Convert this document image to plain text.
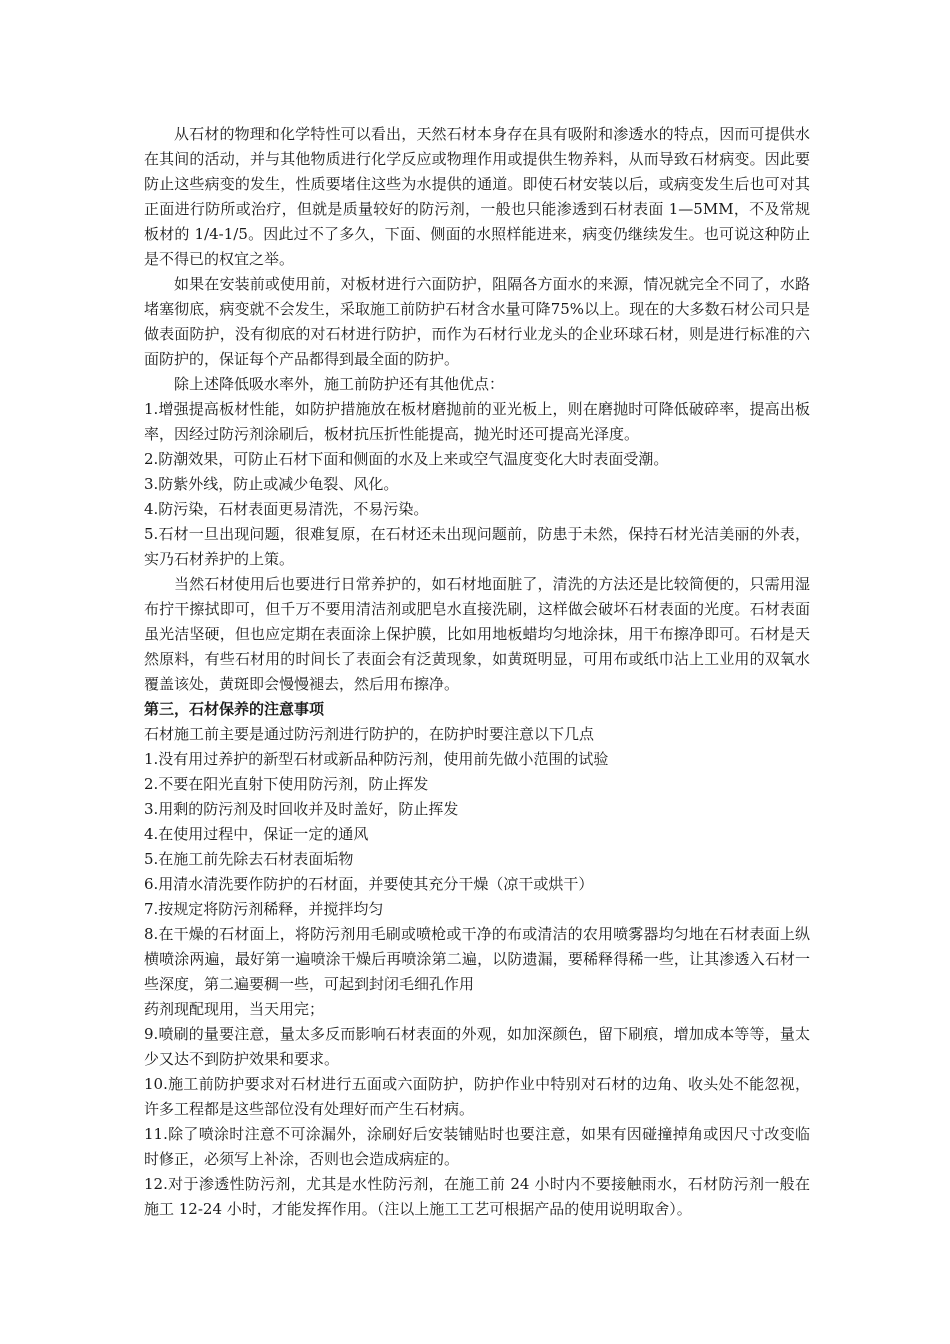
从石材的物理和化学特性可以看出，天然石材本身存在具有吸附和渗透水的特点，因而可提供水在其间的活动，并与其他物质进行化学反应或物理作用或提供生物养料，从而导致石材病变。因此要防止这些病变的发生，性质要堵住这些为水提供的通道。即使石材安装以后，或病变发生后也可对其正面进行防所或治疗，但就是质量较好的防污剂，一般也只能渗透到石材表面 1—5MM，不及常规板材的 1/4-1/5。因此过不了多久，下面、侧面的水照样能进来，病变仍继续发生。也可说这种防止是不得已的权宜之举。

如果在安装前或使用前，对板材进行六面防护，阻隔各方面水的来源，情况就完全不同了，水路堵塞彻底，病变就不会发生，采取施工前防护石材含水量可降75%以上。现在的大多数石材公司只是做表面防护，没有彻底的对石材进行防护，而作为石材行业龙头的企业环球石材，则是进行标准的六面防护的，保证每个产品都得到最全面的防护。

除上述降低吸水率外，施工前防护还有其他优点：

1.增强提高板材性能，如防护措施放在板材磨抛前的亚光板上，则在磨抛时可降低破碎率，提高出板率，因经过防污剂涂刷后，板材抗压折性能提高，抛光时还可提高光泽度。

2.防潮效果，可防止石材下面和侧面的水及上来或空气温度变化大时表面受潮。

3.防紫外线，防止或减少龟裂、风化。

4.防污染，石材表面更易清洗，不易污染。

5.石材一旦出现问题，很难复原，在石材还未出现问题前，防患于未然，保持石材光洁美丽的外表，实乃石材养护的上策。

当然石材使用后也要进行日常养护的，如石材地面脏了，清洗的方法还是比较简便的，只需用湿布拧干擦拭即可，但千万不要用清洁剂或肥皂水直接洗刷，这样做会破坏石材表面的光度。石材表面虽光洁坚硬，但也应定期在表面涂上保护膜，比如用地板蜡均匀地涂抹，用干布擦净即可。石材是天然原料，有些石材用的时间长了表面会有泛黄现象，如黄斑明显，可用布或纸巾沾上工业用的双氧水覆盖该处，黄斑即会慢慢褪去，然后用布擦净。

第三，石材保养的注意事项

石材施工前主要是通过防污剂进行防护的，在防护时要注意以下几点

1.没有用过养护的新型石材或新品种防污剂，使用前先做小范围的试验

2.不要在阳光直射下使用防污剂，防止挥发

3.用剩的防污剂及时回收并及时盖好，防止挥发

4.在使用过程中，保证一定的通风

5.在施工前先除去石材表面垢物

6.用清水清洗要作防护的石材面，并要使其充分干燥（凉干或烘干）

7.按规定将防污剂稀释，并搅拌均匀

8.在干燥的石材面上，将防污剂用毛刷或喷枪或干净的布或清洁的农用喷雾器均匀地在石材表面上纵横喷涂两遍，最好第一遍喷涂干燥后再喷涂第二遍，以防遗漏，要稀释得稀一些，让其渗透入石材一些深度，第二遍要稠一些，可起到封闭毛细孔作用

药剂现配现用，当天用完；

9.喷刷的量要注意，量太多反而影响石材表面的外观，如加深颜色，留下刷痕，增加成本等等，量太少又达不到防护效果和要求。

10.施工前防护要求对石材进行五面或六面防护，防护作业中特别对石材的边角、收头处不能忽视，许多工程都是这些部位没有处理好而产生石材病。

11.除了喷涂时注意不可涂漏外，涂刷好后安装铺贴时也要注意，如果有因碰撞掉角或因尺寸改变临时修正，必须写上补涂，否则也会造成病症的。

12.对于渗透性防污剂，尤其是水性防污剂，在施工前 24 小时内不要接触雨水，石材防污剂一般在施工 12-24 小时，才能发挥作用。（注以上施工工艺可根据产品的使用说明取舍）。
